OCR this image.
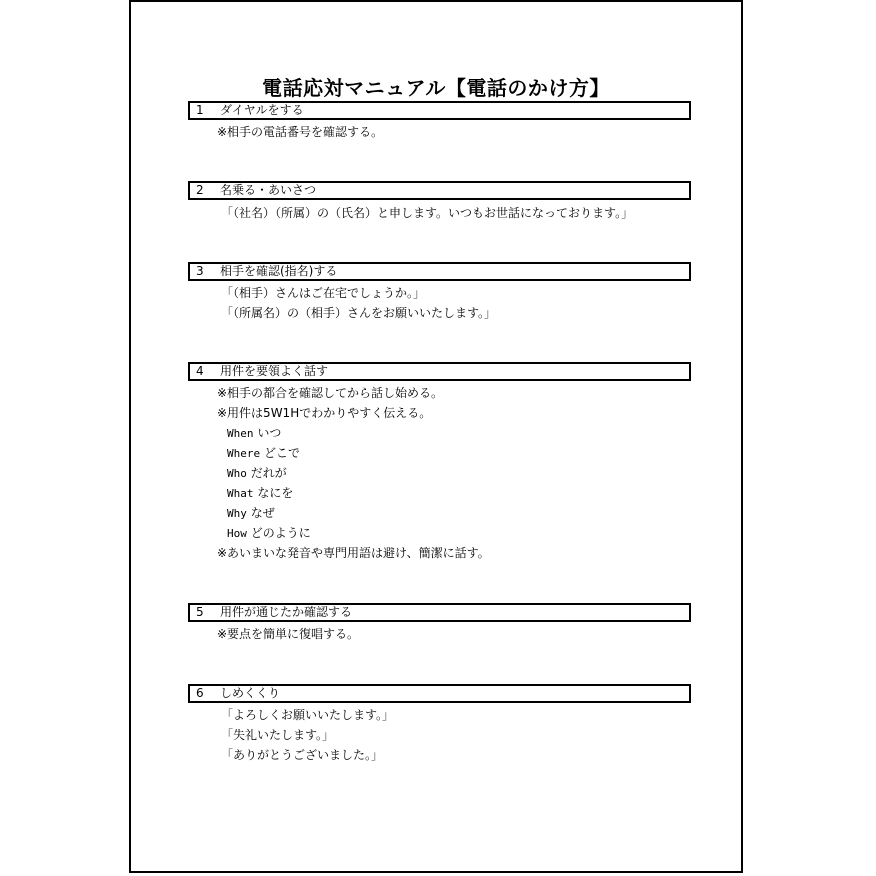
電話応対マニュアル【電話のかけ方】
1 ダイヤルをする
※相手の電話番号を確認する。
2 名乗る・あいさつ
「（社名）（所属）の（氏名）と申します。いつもお世話になっております。」
3 相手を確認(指名)する
「（相手）さんはご在宅でしょうか。」
「（所属名）の（相手）さんをお願いいたします。」
4 用件を要領よく話す
※相手の都合を確認してから話し始める。
※用件は5W1Hでわかりやすく伝える。
When いつ
Where どこで
Who だれが
What なにを
Why なぜ
How どのように
※あいまいな発音や専門用語は避け、簡潔に話す。
5 用件が通じたか確認する
※要点を簡単に復唱する。
6 しめくくり
「よろしくお願いいたします。」
「失礼いたします。」
「ありがとうございました。」
